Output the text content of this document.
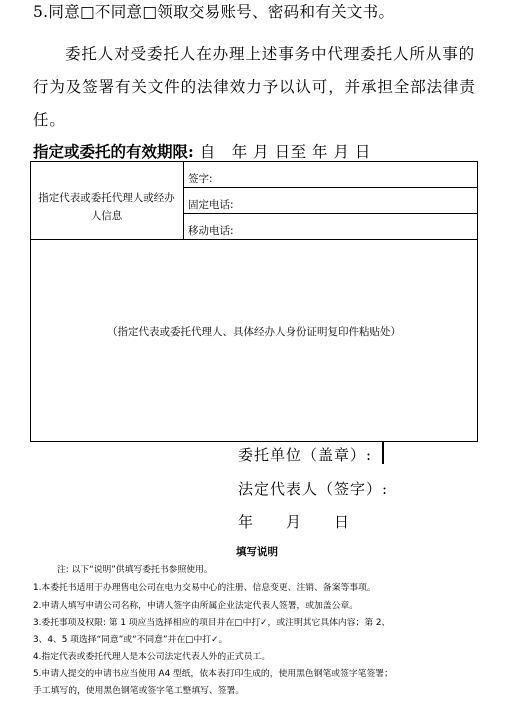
5.同意□不同意□领取交易账号、密码和有关文书。
委托人对受委托人在办理上述事务中代理委托人所从事的行为及签署有关文件的法律效力予以认可，并承担全部法律责任。
指定或委托的有效期限: 自　年 月 日至 年 月 日
指定代表或委托代理人或经办人信息
签字:
固定电话:
移动电话:
（指定代表或委托代理人、具体经办人身份证明复印件粘贴处）
委托单位（盖章）:
法定代表人（签字）:
年　　月　　日
填写说明
注: 以下“说明”供填写委托书参照使用。
1.本委托书适用于办理售电公司在电力交易中心的注册、信息变更、注销、备案等事项。
2.申请人填写申请公司名称，申请人签字由所属企业法定代表人签署，或加盖公章。
3.委托事项及权限: 第 1 项应当选择相应的项目并在□中打✓，或注明其它具体内容；第 2、
3、4、5 项选择“同意”或“不同意”并在□中打✓。
4.指定代表或委托代理人是本公司法定代表人外的正式员工。
5.申请人提交的申请书应当使用 A4 型纸，依本表打印生成的，使用黑色钢笔或签字笔签署；
手工填写的，使用黑色钢笔或签字笔工整填写、签署。
